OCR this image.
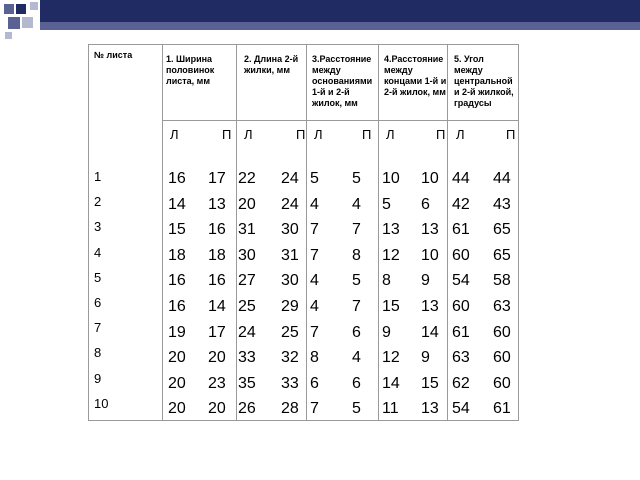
№ листа	1. Ширина половинок листа, мм
2. Длина 2-й жилки, мм
3.Расстояние между основаниями 1-й и 2-й жилок, мм
4.Расстояние между концами 1-й и 2-й жилок, мм
5. Угол между центральной и 2-й жилкой, градусы
Л	П Л	П Л	П Л	П Л	П
1	16 17 22 24 5 5 10 10 44 44
2	14 13 20 24 4 4 5 6 42 43
3	15 16 31 30 7 7 13 13 61 65
4	18 18 30 31 7 8 12 10 60 65
5	16 16 27 30 4 5 8 9 54 58
6	16 14 25 29 4 7 15 13 60 63
7	19 17 24 25 7 6 9 14 61 60
8	20 20 33 32 8 4 12 9 63 60
9	20 23 35 33 6 6 14 15 62 60
10	20 20 26 28 7 5 11 13 54 61
